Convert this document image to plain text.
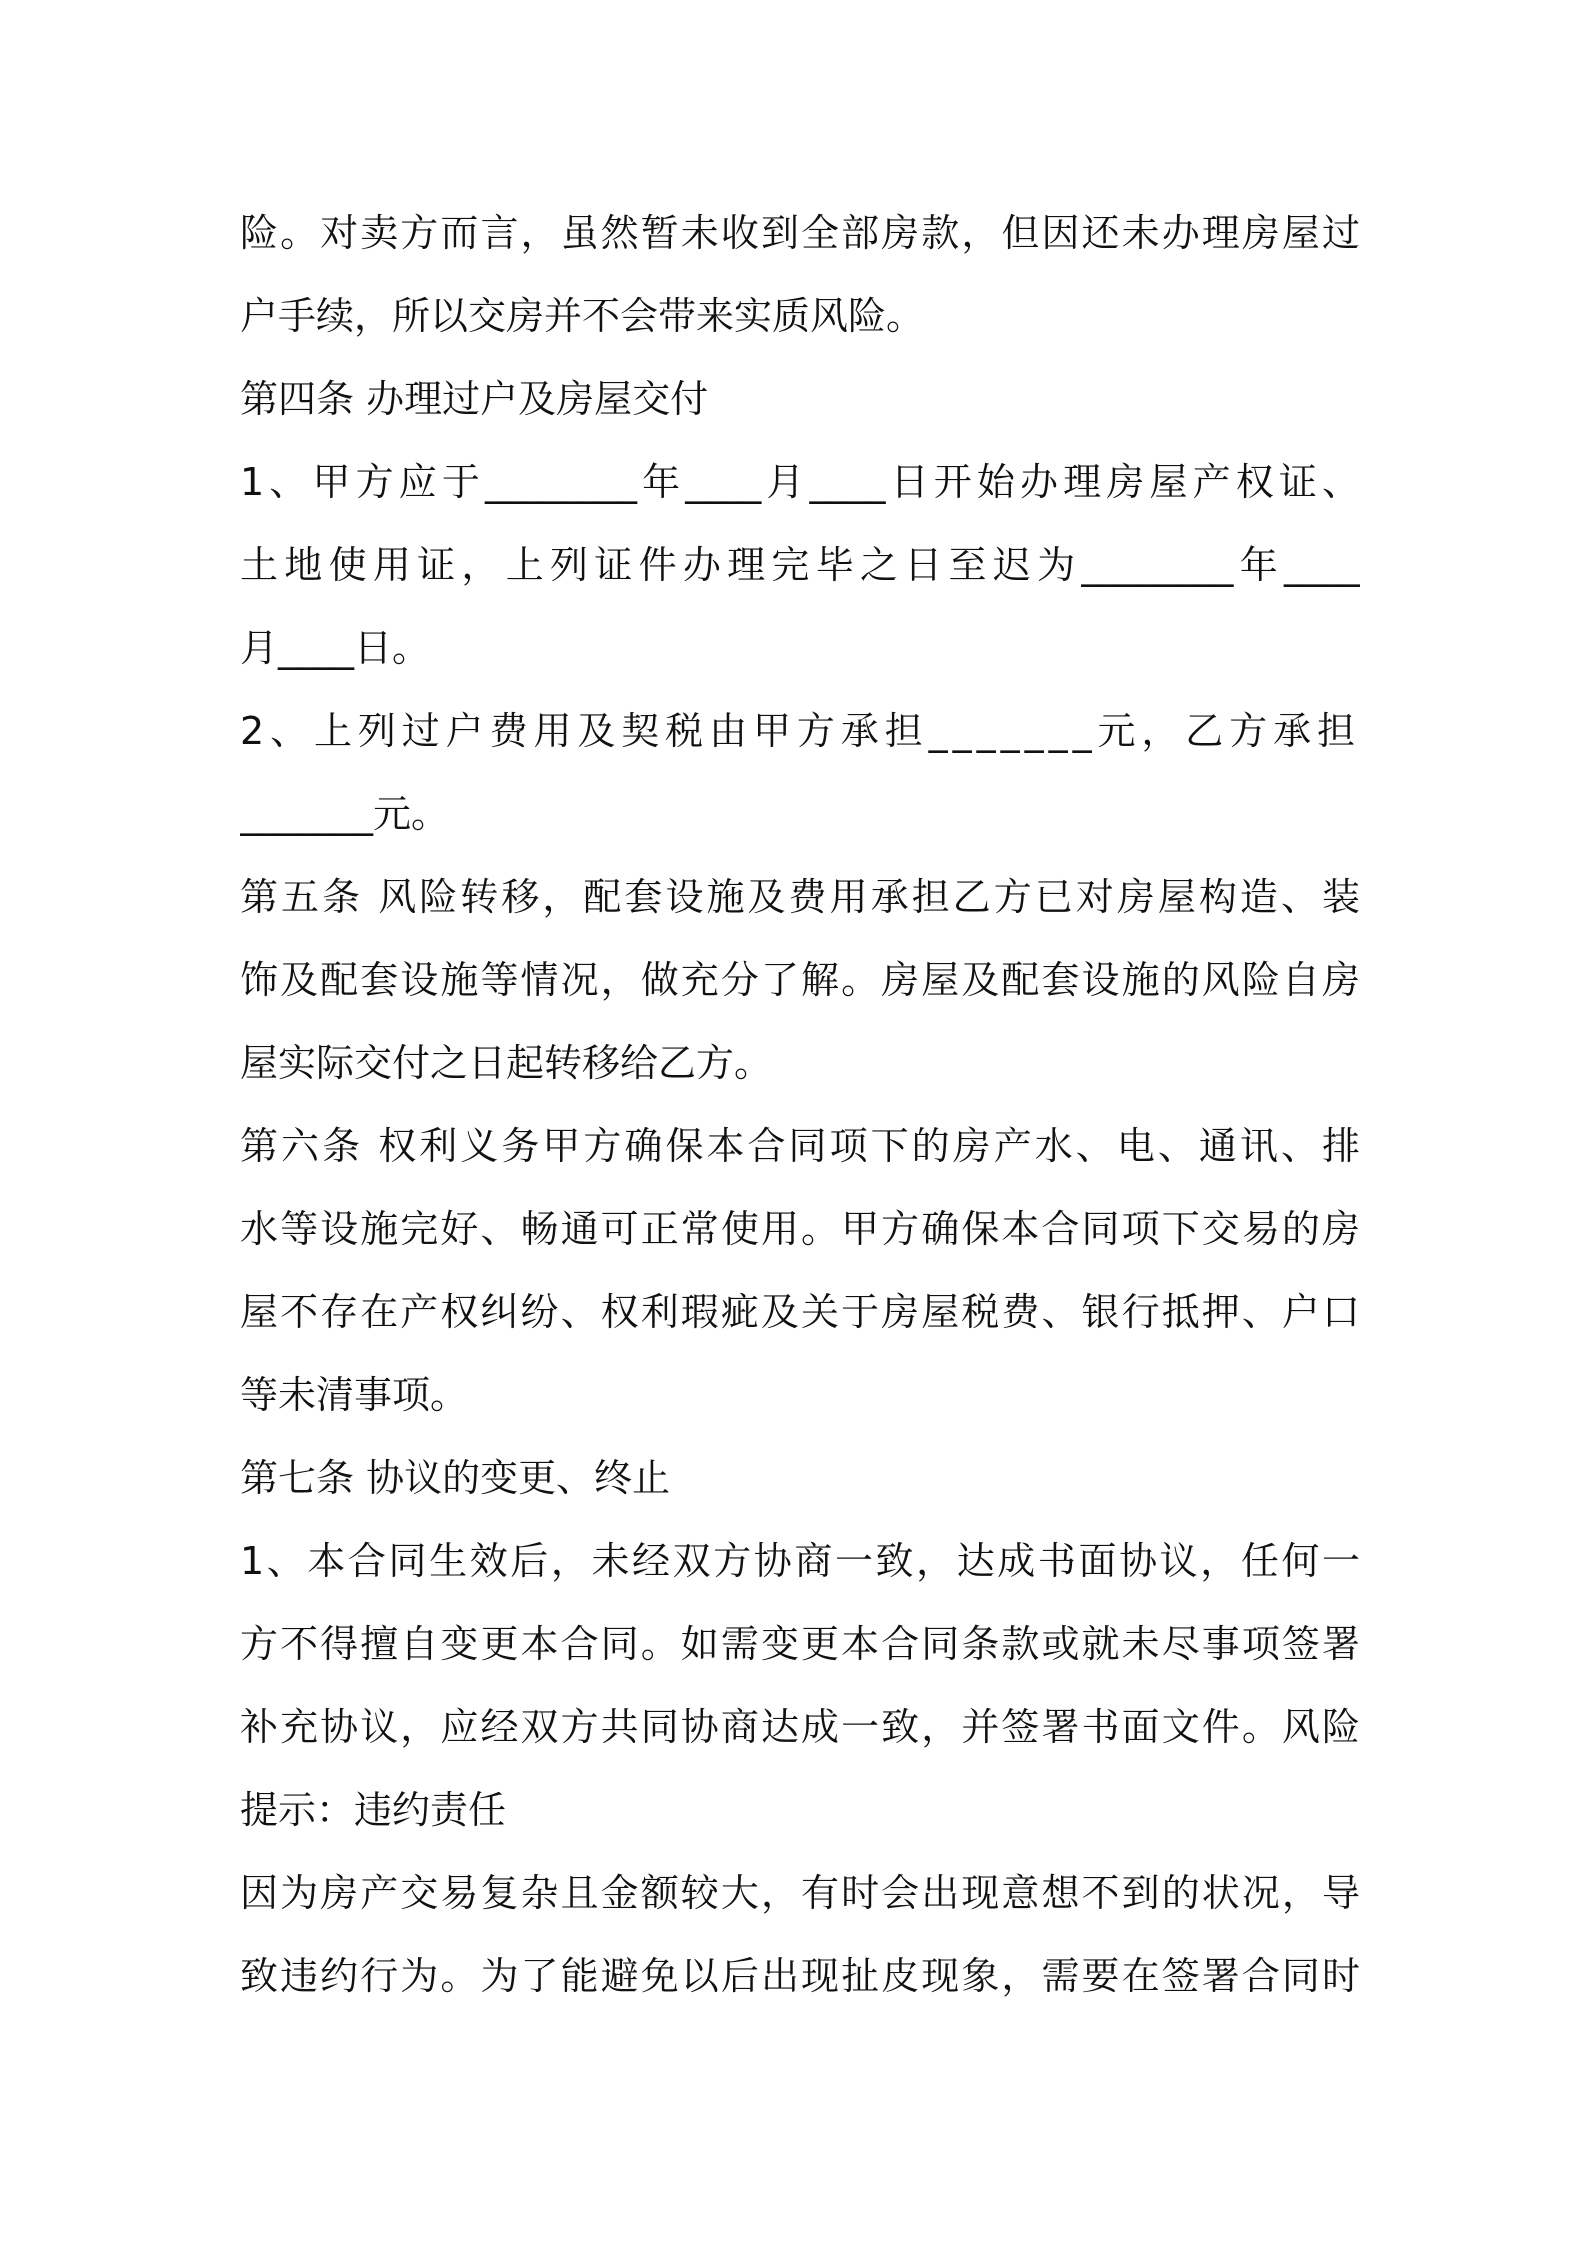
险。对卖方而言，虽然暂未收到全部房款，但因还未办理房屋过
户手续，所以交房并不会带来实质风险。
第四条 办理过户及房屋交付
1、甲方应于________年____月____日开始办理房屋产权证、
土地使用证，上列证件办理完毕之日至迟为________年____
月____日。
2、上列过户费用及契税由甲方承担_______元，乙方承担
_______元。
第五条 风险转移，配套设施及费用承担乙方已对房屋构造、装
饰及配套设施等情况，做充分了解。房屋及配套设施的风险自房
屋实际交付之日起转移给乙方。
第六条 权利义务甲方确保本合同项下的房产水、电、通讯、排
水等设施完好、畅通可正常使用。甲方确保本合同项下交易的房
屋不存在产权纠纷、权利瑕疵及关于房屋税费、银行抵押、户口
等未清事项。
第七条 协议的变更、终止
1、本合同生效后，未经双方协商一致，达成书面协议，任何一
方不得擅自变更本合同。如需变更本合同条款或就未尽事项签署
补充协议，应经双方共同协商达成一致，并签署书面文件。风险
提示：违约责任
因为房产交易复杂且金额较大，有时会出现意想不到的状况，导
致违约行为。为了能避免以后出现扯皮现象，需要在签署合同时
